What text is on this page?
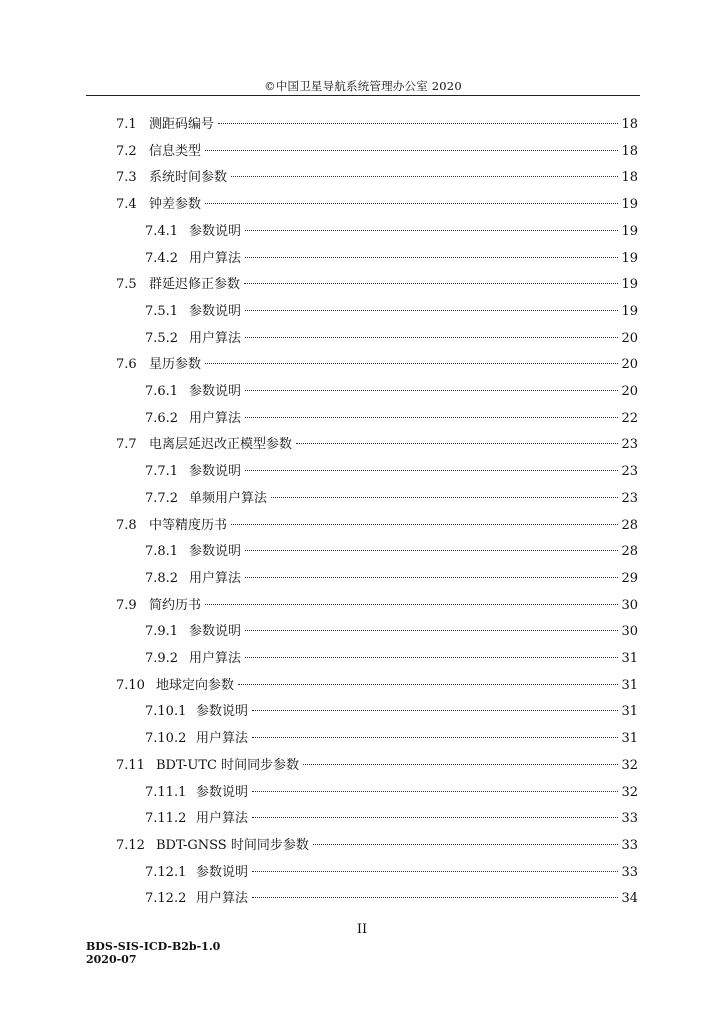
©中国卫星导航系统管理办公室 2020
7.1 测距码编号	18
7.2 信息类型	18
7.3 系统时间参数	18
7.4 钟差参数	19
7.4.1 参数说明	19
7.4.2 用户算法	19
7.5 群延迟修正参数	19
7.5.1 参数说明	19
7.5.2 用户算法	20
7.6 星历参数	20
7.6.1 参数说明	20
7.6.2 用户算法	22
7.7 电离层延迟改正模型参数	23
7.7.1 参数说明	23
7.7.2 单频用户算法	23
7.8 中等精度历书	28
7.8.1 参数说明	28
7.8.2 用户算法	29
7.9 简约历书	30
7.9.1 参数说明	30
7.9.2 用户算法	31
7.10 地球定向参数	31
7.10.1 参数说明	31
7.10.2 用户算法	31
7.11 BDT-UTC 时间同步参数	32
7.11.1 参数说明	32
7.11.2 用户算法	33
7.12 BDT-GNSS 时间同步参数	33
7.12.1 参数说明	33
7.12.2 用户算法	34
II
BDS-SIS-ICD-B2b-1.0
2020-07
